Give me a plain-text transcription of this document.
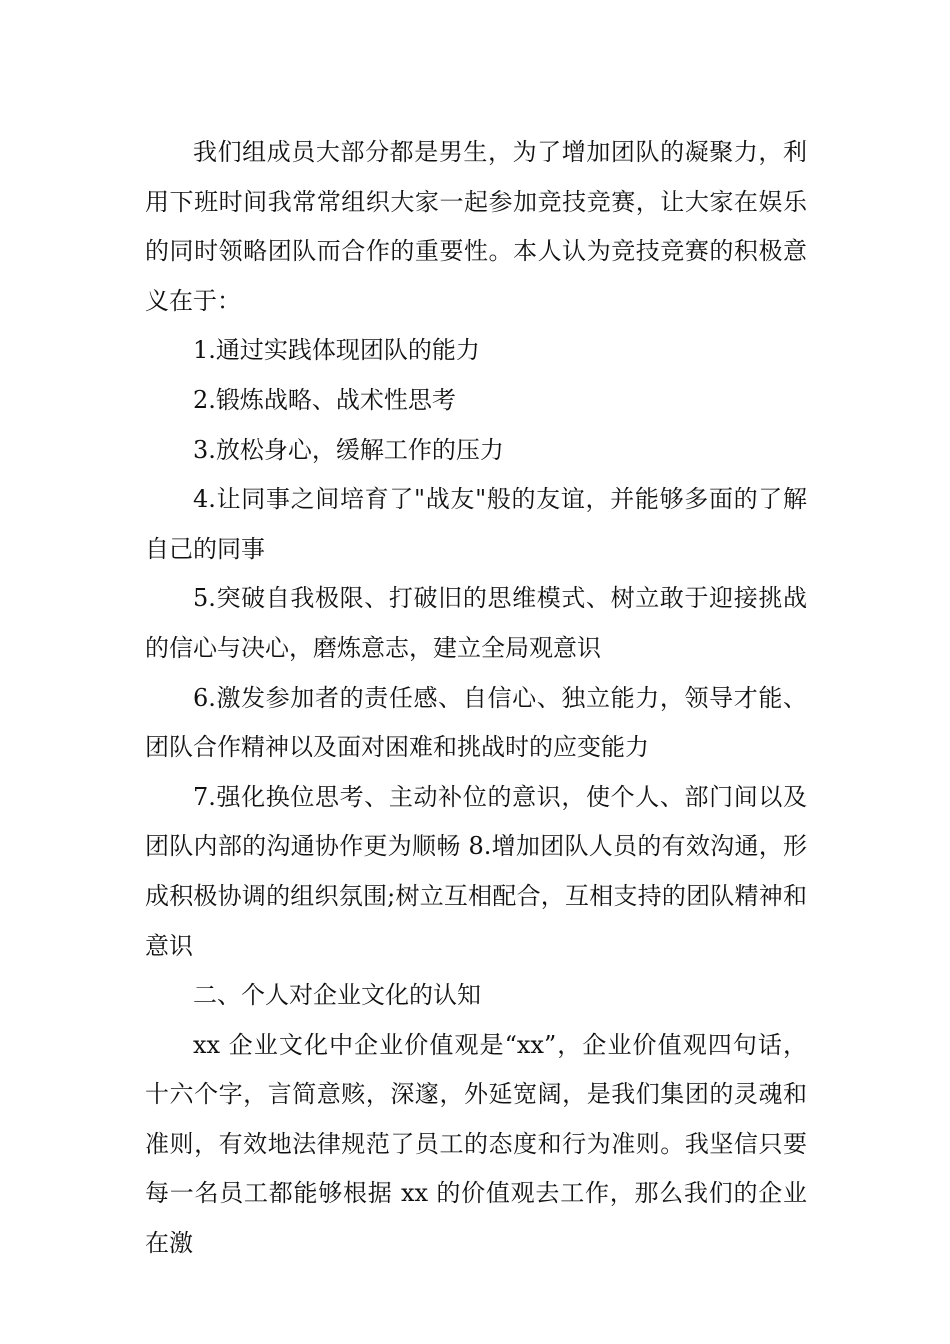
我们组成员大部分都是男生，为了增加团队的凝聚力，利用下班时间我常常组织大家一起参加竞技竞赛，让大家在娱乐的同时领略团队而合作的重要性。本人认为竞技竞赛的积极意义在于：

1.通过实践体现团队的能力

2.锻炼战略、战术性思考

3.放松身心，缓解工作的压力

4.让同事之间培育了"战友"般的友谊，并能够多面的了解自己的同事

5.突破自我极限、打破旧的思维模式、树立敢于迎接挑战的信心与决心，磨炼意志，建立全局观意识

6.激发参加者的责任感、自信心、独立能力，领导才能、团队合作精神以及面对困难和挑战时的应变能力

7.强化换位思考、主动补位的意识，使个人、部门间以及团队内部的沟通协作更为顺畅 8.增加团队人员的有效沟通，形成积极协调的组织氛围;树立互相配合，互相支持的团队精神和意识

二、个人对企业文化的认知

xx 企业文化中企业价值观是“xx”，企业价值观四句话，十六个字，言简意赅，深邃，外延宽阔，是我们集团的灵魂和准则，有效地法律规范了员工的态度和行为准则。我坚信只要每一名员工都能够根据 xx 的价值观去工作，那么我们的企业在激
